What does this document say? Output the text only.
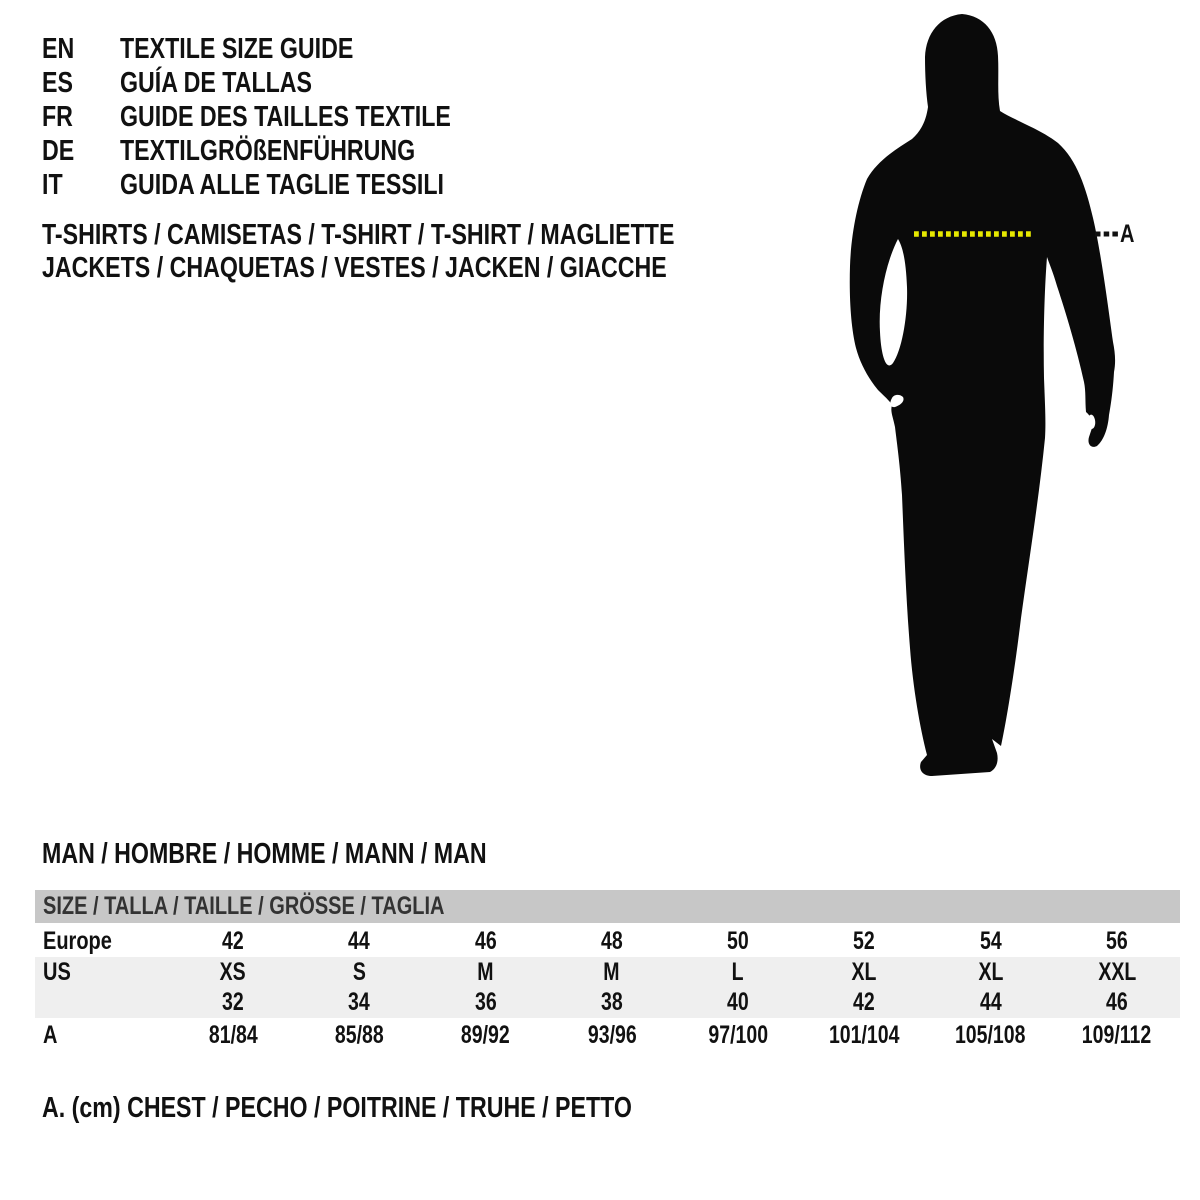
A
EN	TEXTILE SIZE GUIDE
ES	GUÍA DE TALLAS
FR	GUIDE DES TAILLES TEXTILE
DE	TEXTILGRÖßENFÜHRUNG
IT	GUIDA ALLE TAGLIE TESSILI
T-SHIRTS / CAMISETAS / T-SHIRT / T-SHIRT / MAGLIETTE
JACKETS / CHAQUETAS / VESTES / JACKEN / GIACCHE
MAN / HOMBRE / HOMME / MANN / MAN
SIZE / TALLA / TAILLE / GRÖSSE / TAGLIA
Europe	42	44	46	48	50	52	54	56
US	XS	S	M	M	L	XL	XL	XXL
32	34	36	38	40	42	44	46
A	81/84	85/88	89/92	93/96	97/100 101/104 105/108 109/112
A. (cm) CHEST / PECHO / POITRINE / TRUHE / PETTO
